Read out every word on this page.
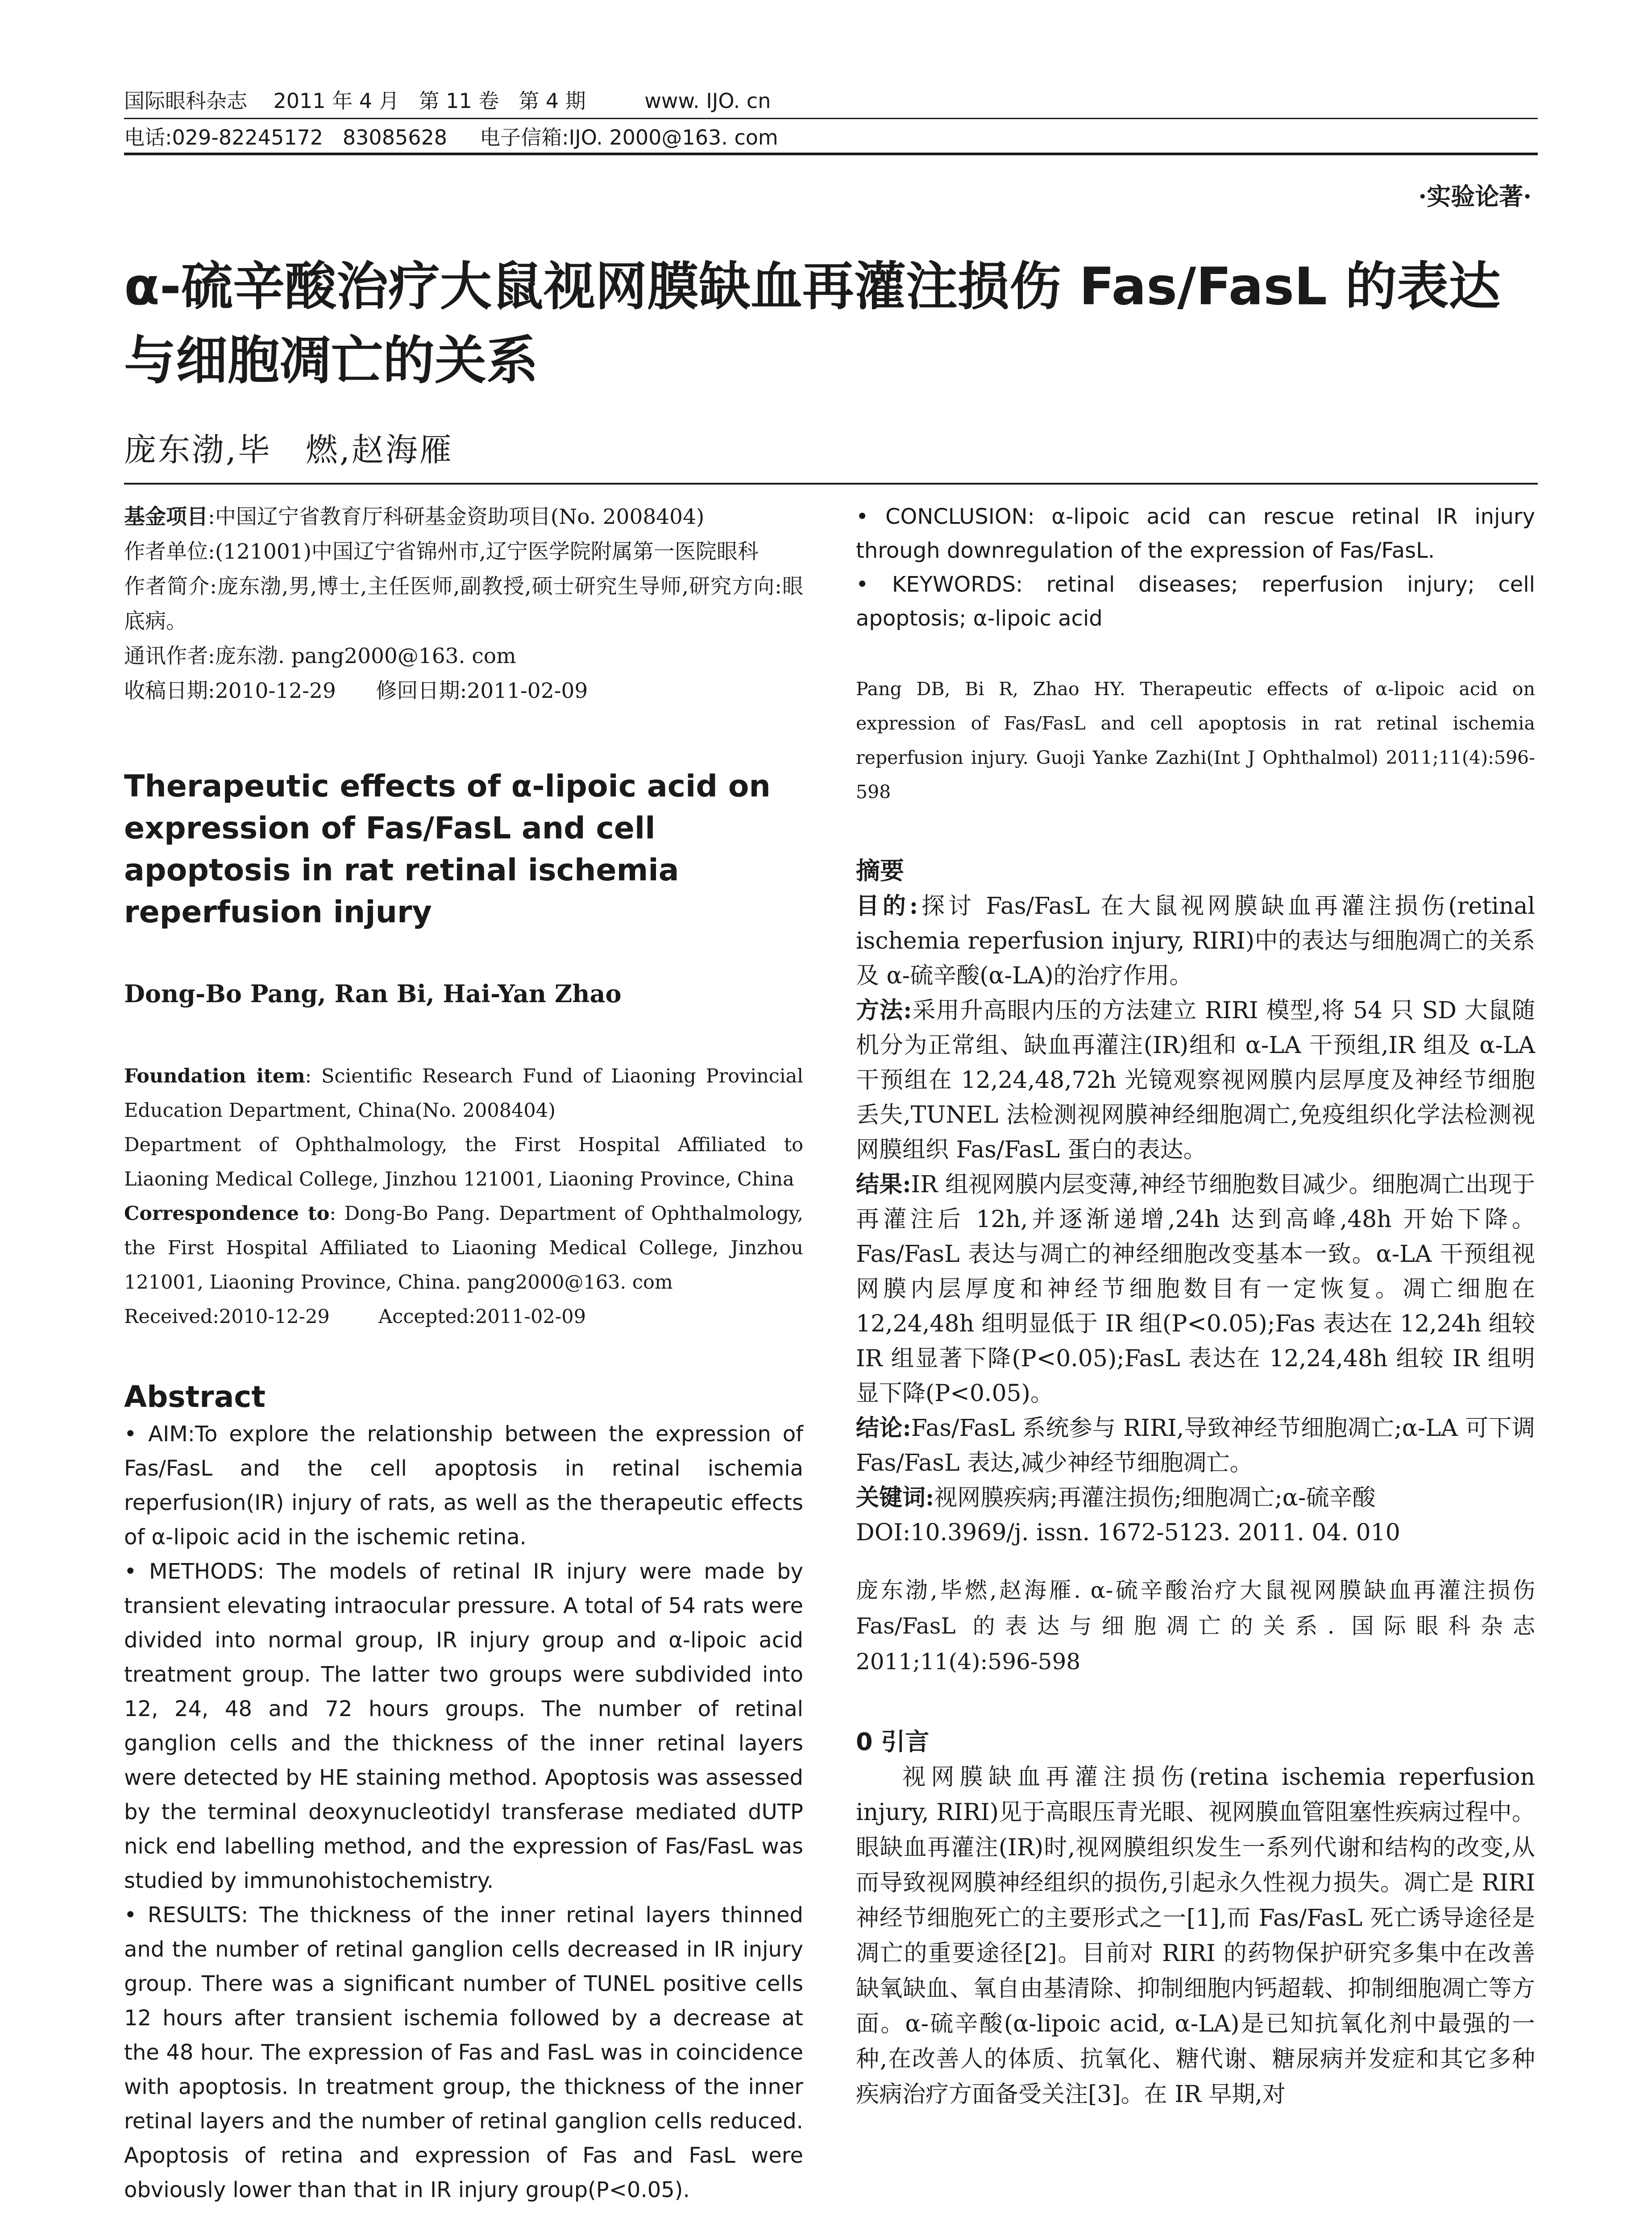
国际眼科杂志    2011 年 4 月   第 11 卷   第 4 期         www. IJO. cn
电话:029-82245172   83085628     电子信箱:IJO. 2000@163. com
·实验论著·
α-硫辛酸治疗大鼠视网膜缺血再灌注损伤 Fas/FasL 的表达与细胞凋亡的关系
庞东渤,毕　燃,赵海雁
基金项目:中国辽宁省教育厅科研基金资助项目(No. 2008404)
作者单位:(121001)中国辽宁省锦州市,辽宁医学院附属第一医院眼科
作者简介:庞东渤,男,博士,主任医师,副教授,硕士研究生导师,研究方向:眼底病。
通讯作者:庞东渤. pang2000@163. com
收稿日期:2010-12-29      修回日期:2011-02-09
Therapeutic effects of α-lipoic acid on expression of Fas/FasL and cell apoptosis in rat retinal ischemia reperfusion injury
Dong-Bo Pang, Ran Bi, Hai-Yan Zhao
Foundation item: Scientific Research Fund of Liaoning Provincial Education Department, China(No. 2008404)
Department of Ophthalmology, the First Hospital Affiliated to Liaoning Medical College, Jinzhou 121001, Liaoning Province, China
Correspondence to: Dong-Bo Pang. Department of Ophthalmology, the First Hospital Affiliated to Liaoning Medical College, Jinzhou 121001, Liaoning Province, China. pang2000@163. com
Received:2010-12-29        Accepted:2011-02-09
Abstract

• AIM:To explore the relationship between the expression of Fas/FasL and the cell apoptosis in retinal ischemia reperfusion(IR) injury of rats, as well as the therapeutic effects of α-lipoic acid in the ischemic retina.

• METHODS: The models of retinal IR injury were made by transient elevating intraocular pressure. A total of 54 rats were divided into normal group, IR injury group and α-lipoic acid treatment group. The latter two groups were subdivided into 12, 24, 48 and 72 hours groups. The number of retinal ganglion cells and the thickness of the inner retinal layers were detected by HE staining method. Apoptosis was assessed by the terminal deoxynucleotidyl transferase mediated dUTP nick end labelling method, and the expression of Fas/FasL was studied by immunohistochemistry.

• RESULTS: The thickness of the inner retinal layers thinned and the number of retinal ganglion cells decreased in IR injury group. There was a significant number of TUNEL positive cells 12 hours after transient ischemia followed by a decrease at the 48 hour. The expression of Fas and FasL was in coincidence with apoptosis. In treatment group, the thickness of the inner retinal layers and the number of retinal ganglion cells reduced. Apoptosis of retina and expression of Fas and FasL were obviously lower than that in IR injury group(P<0.05).

• CONCLUSION: α-lipoic acid can rescue retinal IR injury through downregulation of the expression of Fas/FasL.

• KEYWORDS: retinal diseases; reperfusion injury; cell apoptosis; α-lipoic acid

Pang DB, Bi R, Zhao HY. Therapeutic effects of α-lipoic acid on expression of Fas/FasL and cell apoptosis in rat retinal ischemia reperfusion injury. Guoji Yanke Zazhi(Int J Ophthalmol) 2011;11(4):596-598
摘要

目的:探讨 Fas/FasL 在大鼠视网膜缺血再灌注损伤(retinal ischemia reperfusion injury, RIRI)中的表达与细胞凋亡的关系及 α-硫辛酸(α-LA)的治疗作用。

方法:采用升高眼内压的方法建立 RIRI 模型,将 54 只 SD 大鼠随机分为正常组、缺血再灌注(IR)组和 α-LA 干预组,IR 组及 α-LA 干预组在 12,24,48,72h 光镜观察视网膜内层厚度及神经节细胞丢失,TUNEL 法检测视网膜神经细胞凋亡,免疫组织化学法检测视网膜组织 Fas/FasL 蛋白的表达。

结果:IR 组视网膜内层变薄,神经节细胞数目减少。细胞凋亡出现于再灌注后 12h,并逐渐递增,24h 达到高峰,48h 开始下降。Fas/FasL 表达与凋亡的神经细胞改变基本一致。α-LA 干预组视网膜内层厚度和神经节细胞数目有一定恢复。凋亡细胞在 12,24,48h 组明显低于 IR 组(P<0.05);Fas 表达在 12,24h 组较 IR 组显著下降(P<0.05);FasL 表达在 12,24,48h 组较 IR 组明显下降(P<0.05)。

结论:Fas/FasL 系统参与 RIRI,导致神经节细胞凋亡;α-LA 可下调 Fas/FasL 表达,减少神经节细胞凋亡。

关键词:视网膜疾病;再灌注损伤;细胞凋亡;α-硫辛酸

DOI:10.3969/j. issn. 1672-5123. 2011. 04. 010

庞东渤,毕燃,赵海雁. α-硫辛酸治疗大鼠视网膜缺血再灌注损伤 Fas/FasL 的表达与细胞凋亡的关系. 国际眼科杂志 2011;11(4):596-598
0 引言

视网膜缺血再灌注损伤(retina ischemia reperfusion injury, RIRI)见于高眼压青光眼、视网膜血管阻塞性疾病过程中。眼缺血再灌注(IR)时,视网膜组织发生一系列代谢和结构的改变,从而导致视网膜神经组织的损伤,引起永久性视力损失。凋亡是 RIRI 神经节细胞死亡的主要形式之一[1],而 Fas/FasL 死亡诱导途径是凋亡的重要途径[2]。目前对 RIRI 的药物保护研究多集中在改善缺氧缺血、氧自由基清除、抑制细胞内钙超载、抑制细胞凋亡等方面。α-硫辛酸(α-lipoic acid, α-LA)是已知抗氧化剂中最强的一种,在改善人的体质、抗氧化、糖代谢、糖尿病并发症和其它多种疾病治疗方面备受关注[3]。在 IR 早期,对
